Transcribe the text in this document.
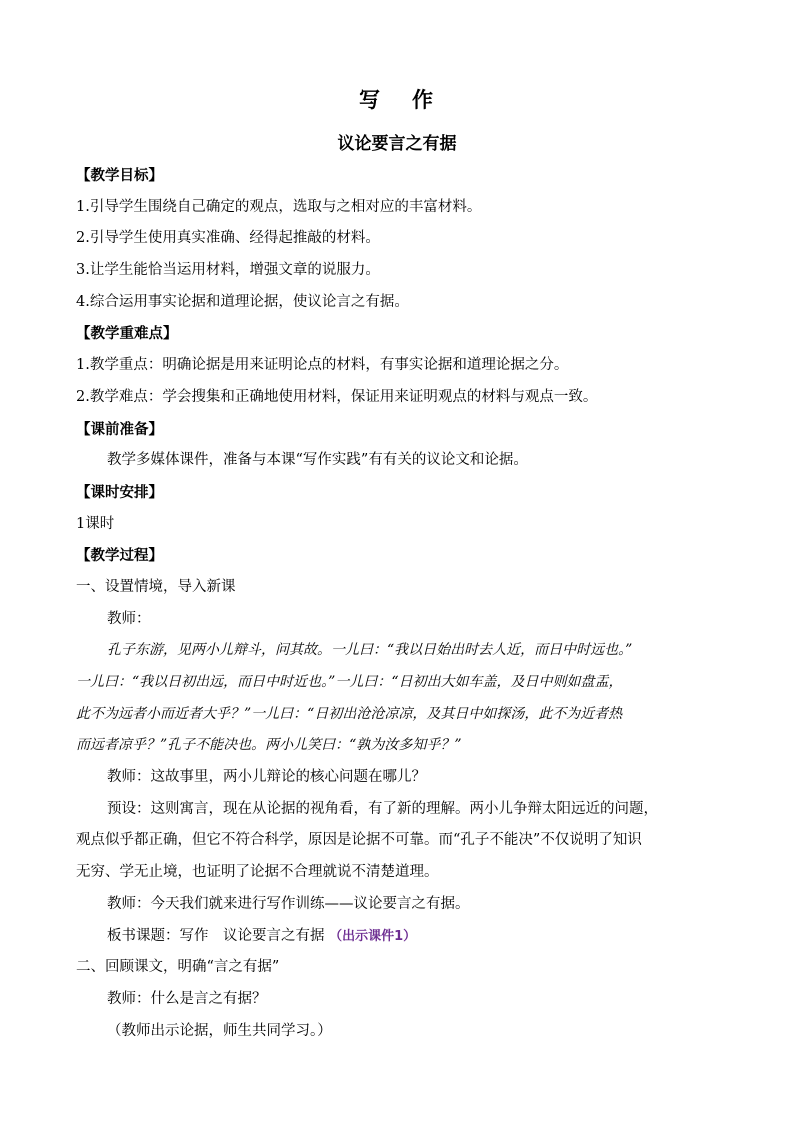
写 作
议论要言之有据
【教学目标】
1.引导学生围绕自己确定的观点，选取与之相对应的丰富材料。
2.引导学生使用真实准确、经得起推敲的材料。
3.让学生能恰当运用材料，增强文章的说服力。
4.综合运用事实论据和道理论据，使议论言之有据。
【教学重难点】
1.教学重点：明确论据是用来证明论点的材料，有事实论据和道理论据之分。
2.教学难点：学会搜集和正确地使用材料，保证用来证明观点的材料与观点一致。
【课前准备】
教学多媒体课件，准备与本课“写作实践”有有关的议论文和论据。
【课时安排】
1课时
【教学过程】
一、设置情境，导入新课
教师：
孔子东游，见两小儿辩斗，问其故。一儿曰：“我以日始出时去人近，而日中时远也。”
一儿曰：“我以日初出远，而日中时近也。”一儿曰：“日初出大如车盖，及日中则如盘盂，
此不为远者小而近者大乎？”一儿曰：“日初出沧沧凉凉，及其日中如探汤，此不为近者热
而远者凉乎？”孔子不能决也。两小儿笑曰：“孰为汝多知乎？”
教师：这故事里，两小儿辩论的核心问题在哪儿？
预设：这则寓言，现在从论据的视角看，有了新的理解。两小儿争辩太阳远近的问题，
观点似乎都正确，但它不符合科学，原因是论据不可靠。而“孔子不能决”不仅说明了知识
无穷、学无止境，也证明了论据不合理就说不清楚道理。
教师：今天我们就来进行写作训练——议论要言之有据。
板书课题：写作　议论要言之有据 （出示课件1）
二、回顾课文，明确“言之有据”
教师：什么是言之有据？
（教师出示论据，师生共同学习。）
